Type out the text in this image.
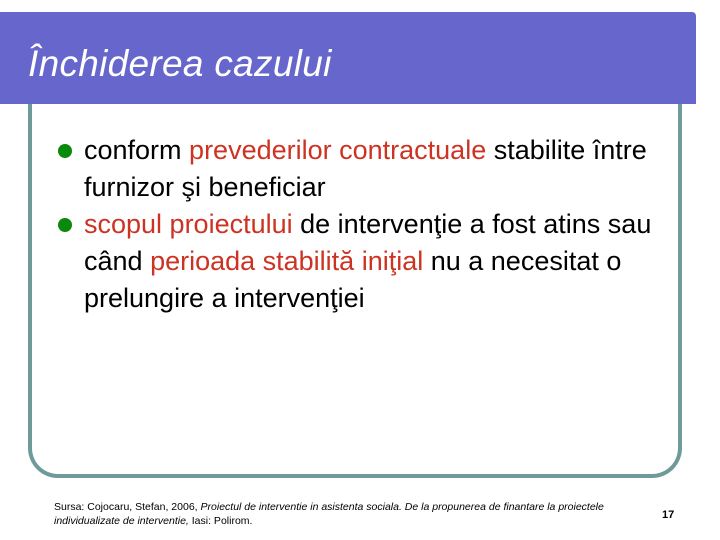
Închiderea cazului
conform prevederilor contractuale stabilite între furnizor şi beneficiar
scopul proiectului de intervenţie a fost atins sau când perioada stabilită iniţial nu a necesitat o prelungire a intervenţiei
Sursa: Cojocaru, Stefan, 2006, Proiectul de interventie in asistenta sociala. De la propunerea de finantare la proiectele individualizate de interventie, Iasi: Polirom.	17
